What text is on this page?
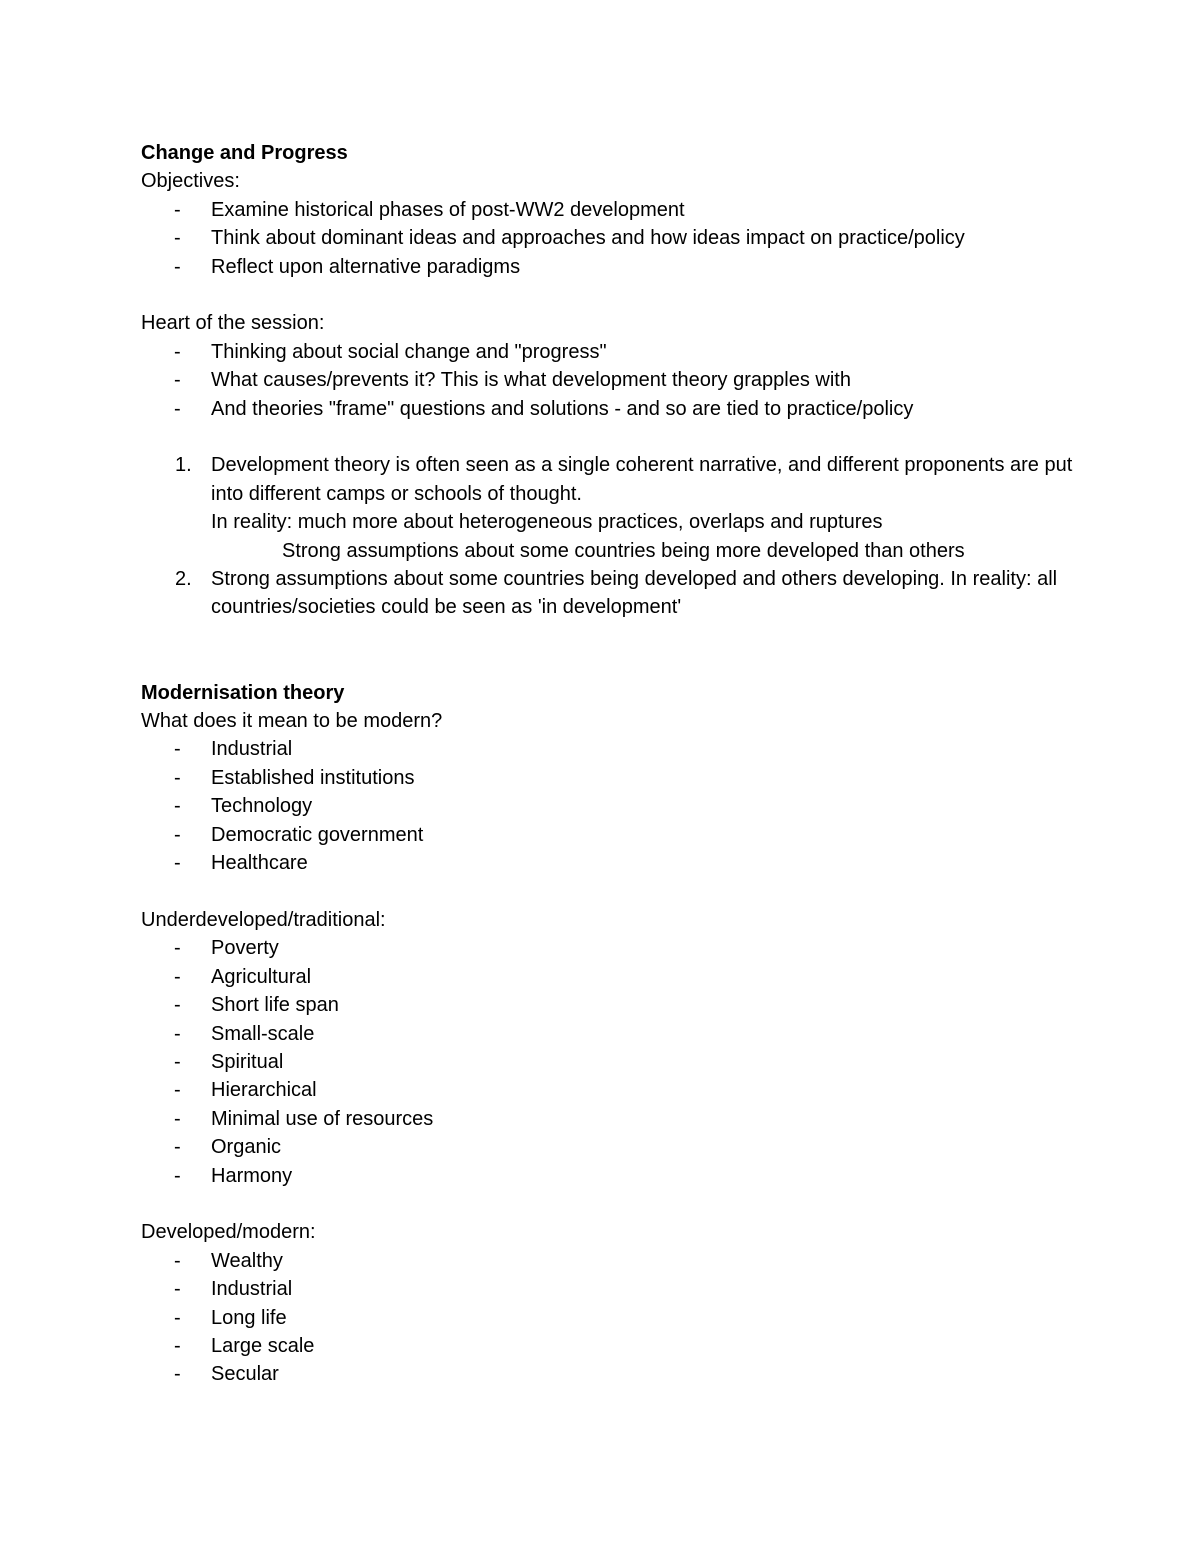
Change and Progress

Objectives:

- Examine historical phases of post-WW2 development
- Think about dominant ideas and approaches and how ideas impact on practice/policy
- Reflect upon alternative paradigms

Heart of the session:

- Thinking about social change and "progress"
- What causes/prevents it? This is what development theory grapples with
- And theories "frame" questions and solutions - and so are tied to practice/policy
1. Development theory is often seen as a single coherent narrative, and different proponents are put into different camps or schools of thought.
In reality: much more about heterogeneous practices, overlaps and ruptures
Strong assumptions about some countries being more developed than others
2. Strong assumptions about some countries being developed and others developing. In reality: all countries/societies could be seen as 'in development'

Modernisation theory

What does it mean to be modern?

- Industrial
- Established institutions
- Technology
- Democratic government
- Healthcare

Underdeveloped/traditional:

- Poverty
- Agricultural
- Short life span
- Small-scale
- Spiritual
- Hierarchical
- Minimal use of resources
- Organic
- Harmony

Developed/modern:

- Wealthy
- Industrial
- Long life
- Large scale
- Secular
